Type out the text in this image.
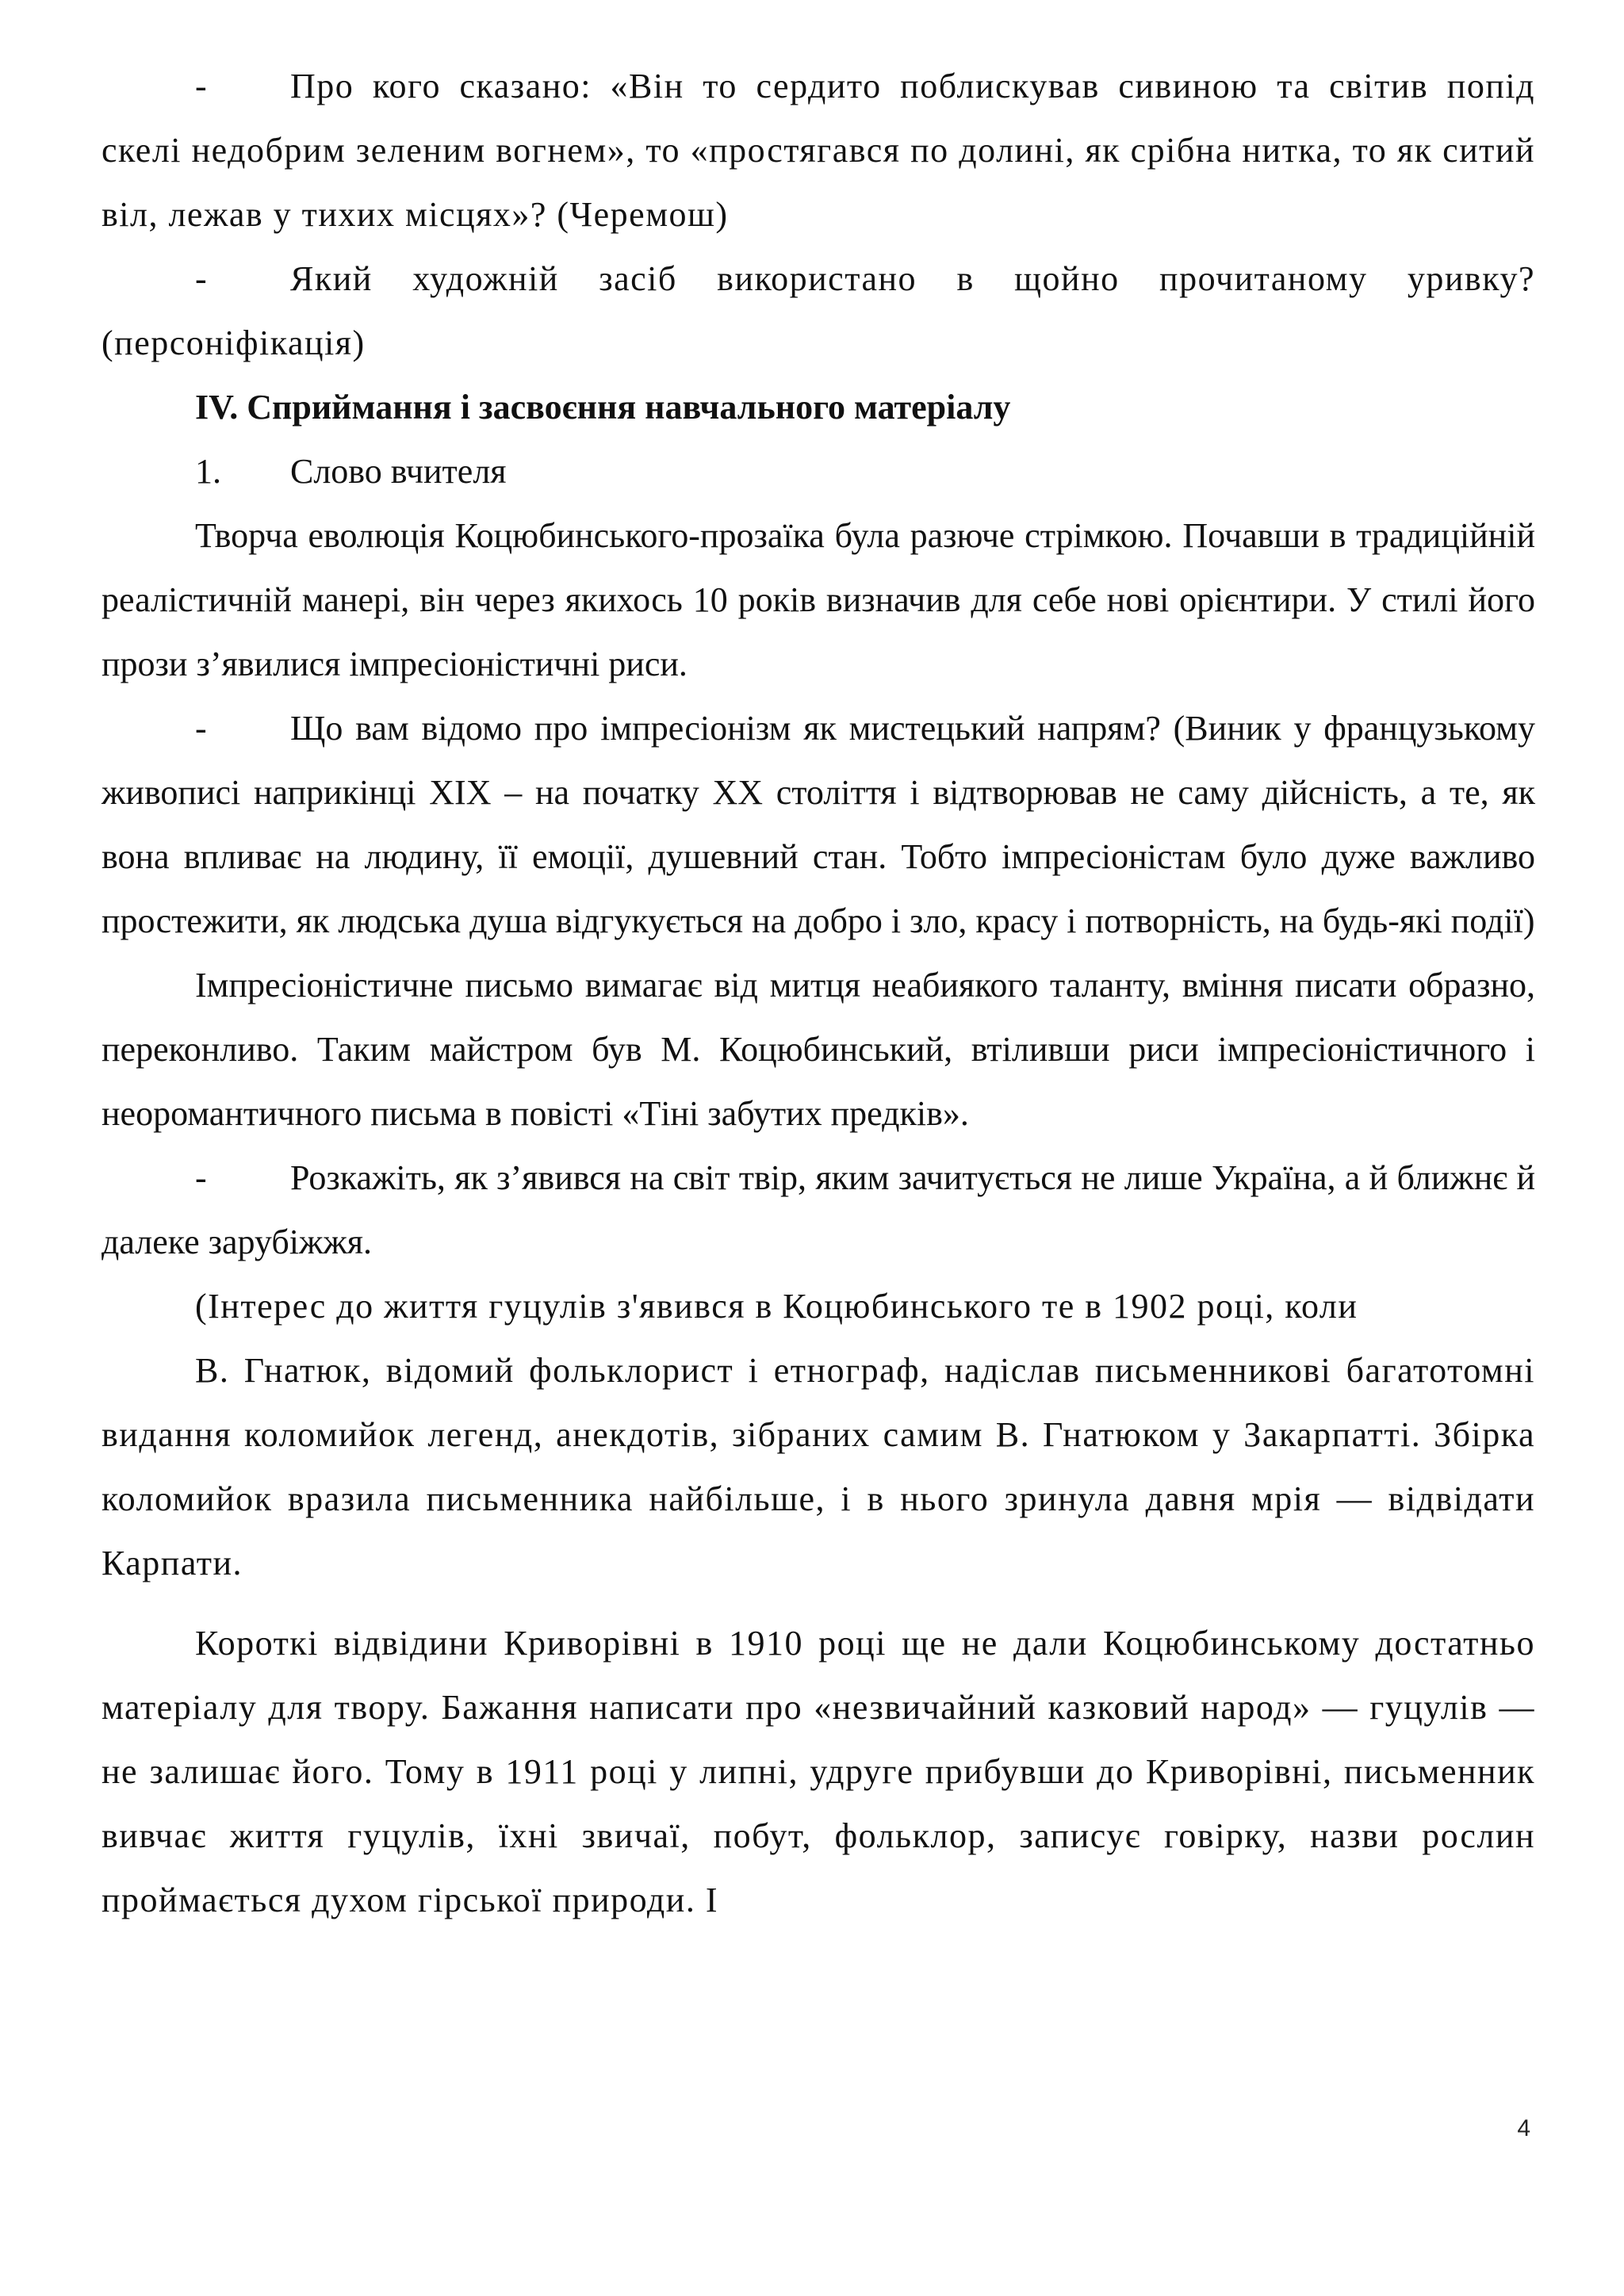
- Про кого сказано: «Він то сердито поблискував сивиною та світив попід скелі недобрим зеленим вогнем», то «простягався по долині, як срібна нитка, то як ситий віл, лежав у тихих місцях»? (Черемош)

- Який художній засіб використано в щойно прочитаному уривку? (персоніфікація)

IV. Сприймання і засвоєння навчального матеріалу

1. Слово вчителя

Творча еволюція Коцюбинського-прозаїка була разюче стрімкою. Почавши в традиційній реалістичній манері, він через якихось 10 років визначив для себе нові орієнтири. У стилі його прози з’явилися імпресіоністичні риси.

- Що вам відомо про імпресіонізм як мистецький напрям? (Виник у французькому живописі наприкінці XIX – на початку XX століття і відтворював не саму дійсність, а те, як вона впливає на людину, її емоції, душевний стан. Тобто імпресіоністам було дуже важливо простежити, як людська душа відгукується на добро і зло, красу і потворність, на будь-які події)

Імпресіоністичне письмо вимагає від митця неабиякого таланту, вміння писати образно, переконливо. Таким майстром був М. Коцюбинський, втіливши риси імпресіоністичного і неоромантичного письма в повісті «Тіні забутих предків».

- Розкажіть, як з’явився на світ твір, яким зачитується не лише Україна, а й ближнє й далеке зарубіжжя.

(Інтерес до життя гуцулів з'явився в Коцюбинського те в 1902 році, коли

В. Гнатюк, відомий фольклорист і етнограф, надіслав письменникові багатотомні видання коломийок легенд, анекдотів, зібраних самим В. Гнатюком у Закарпатті. Збірка коломийок вразила письменника найбільше, і в нього зринула давня мрія — відвідати Карпати.

Короткі відвідини Криворівні в 1910 році ще не дали Коцюбинському достатньо матеріалу для твору. Бажання написати про «незвичайний казковий народ» — гуцулів — не залишає його. Тому в 1911 році у липні, удруге прибувши до Криворівні, письменник вивчає життя гуцулів, їхні звичаї, побут, фольклор, записує говірку, назви рослин проймається духом гірської природи. І

4
